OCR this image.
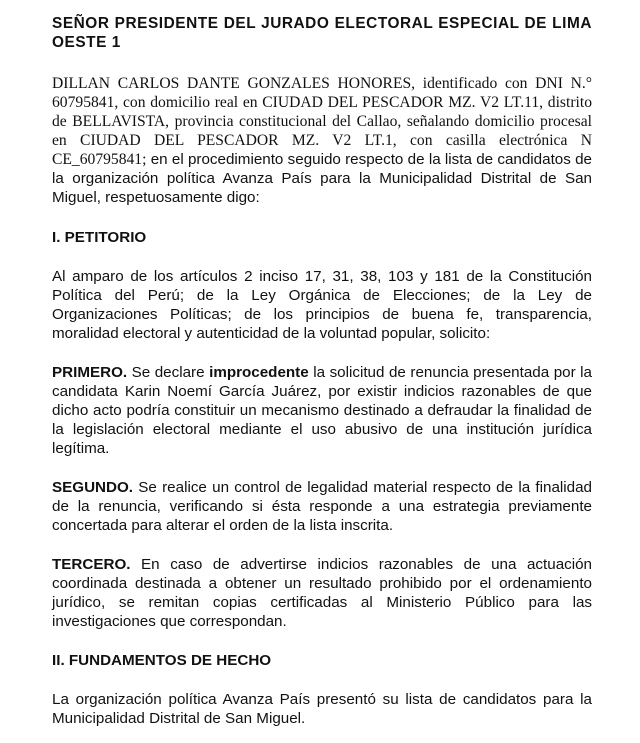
SEÑOR PRESIDENTE DEL JURADO ELECTORAL ESPECIAL DE LIMA OESTE 1

DILLAN CARLOS DANTE GONZALES HONORES, identificado con DNI N.° 60795841, con domicilio real en CIUDAD DEL PESCADOR MZ. V2 LT.11, distrito de BELLAVISTA, provincia constitucional del Callao, señalando domicilio procesal en CIUDAD DEL PESCADOR MZ. V2 LT.1, con casilla electrónica N CE_60795841; en el procedimiento seguido respecto de la lista de candidatos de la organización política Avanza País para la Municipalidad Distrital de San Miguel, respetuosamente digo:

I. PETITORIO

Al amparo de los artículos 2 inciso 17, 31, 38, 103 y 181 de la Constitución Política del Perú; de la Ley Orgánica de Elecciones; de la Ley de Organizaciones Políticas; de los principios de buena fe, transparencia, moralidad electoral y autenticidad de la voluntad popular, solicito:

PRIMERO. Se declare improcedente la solicitud de renuncia presentada por la candidata Karin Noemí García Juárez, por existir indicios razonables de que dicho acto podría constituir un mecanismo destinado a defraudar la finalidad de la legislación electoral mediante el uso abusivo de una institución jurídica legítima.

SEGUNDO. Se realice un control de legalidad material respecto de la finalidad de la renuncia, verificando si ésta responde a una estrategia previamente concertada para alterar el orden de la lista inscrita.

TERCERO. En caso de advertirse indicios razonables de una actuación coordinada destinada a obtener un resultado prohibido por el ordenamiento jurídico, se remitan copias certificadas al Ministerio Público para las investigaciones que correspondan.

II. FUNDAMENTOS DE HECHO

La organización política Avanza País presentó su lista de candidatos para la Municipalidad Distrital de San Miguel.
